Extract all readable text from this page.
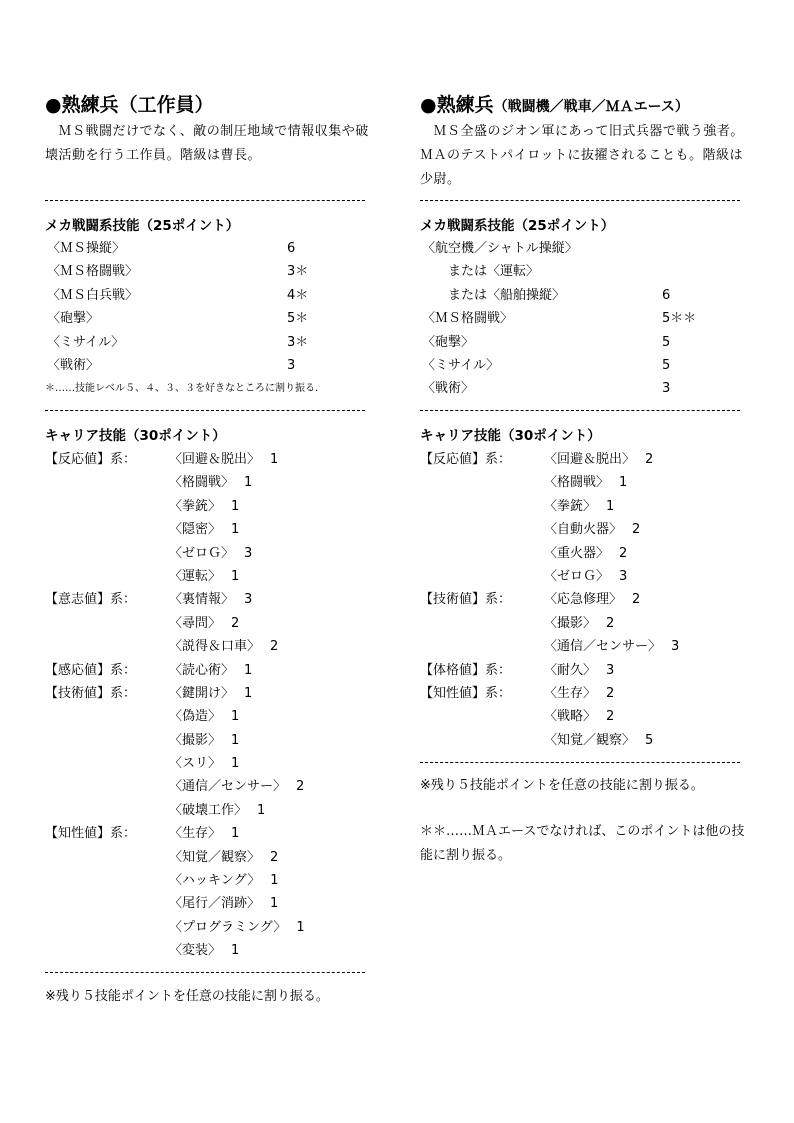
●熟練兵（工作員）
　ＭＳ戦闘だけでなく、敵の制圧地域で情報収集や破壊活動を行う工作員。階級は曹長。
メカ戦闘系技能（25ポイント）
〈ＭＳ操縦〉	6
〈ＭＳ格闘戦〉	3＊
〈ＭＳ白兵戦〉	4＊
〈砲撃〉	5＊
〈ミサイル〉	3＊
〈戦術〉	3
＊……技能レベル５、４、３、３を好きなところに割り振る.
キャリア技能（30ポイント）
【反応値】系：	〈回避＆脱出〉 1
〈格闘戦〉 1
〈拳銃〉 1
〈隠密〉 1
〈ゼロＧ〉 3
〈運転〉 1
【意志値】系：	〈裏情報〉 3
〈尋問〉 2
〈説得＆口車〉 2
【感応値】系：	〈読心術〉 1
【技術値】系：	〈鍵開け〉 1
〈偽造〉 1
〈撮影〉 1
〈スリ〉 1
〈通信／センサー〉 2
〈破壊工作〉 1
【知性値】系：	〈生存〉 1
〈知覚／観察〉 2
〈ハッキング〉 1
〈尾行／消跡〉 1
〈プログラミング〉 1
〈変装〉 1
※残り５技能ポイントを任意の技能に割り振る。
●熟練兵（戦闘機／戦車／ＭＡエース）
　ＭＳ全盛のジオン軍にあって旧式兵器で戦う強者。ＭＡのテストパイロットに抜擢されることも。階級は少尉。
メカ戦闘系技能（25ポイント）
〈航空機／シャトル操縦〉
　　または〈運転〉
　　または〈船舶操縦〉	6
〈ＭＳ格闘戦〉	5＊＊
〈砲撃〉	5
〈ミサイル〉	5
〈戦術〉	3
キャリア技能（30ポイント）
【反応値】系：	〈回避＆脱出〉 2
〈格闘戦〉 1
〈拳銃〉 1
〈自動火器〉 2
〈重火器〉 2
〈ゼロＧ〉 3
【技術値】系：	〈応急修理〉 2
〈撮影〉 2
〈通信／センサー〉 3
【体格値】系：	〈耐久〉 3
【知性値】系：	〈生存〉 2
〈戦略〉 2
〈知覚／観察〉 5
※残り５技能ポイントを任意の技能に割り振る。
＊＊……ＭＡエースでなければ、このポイントは他の技能に割り振る。
